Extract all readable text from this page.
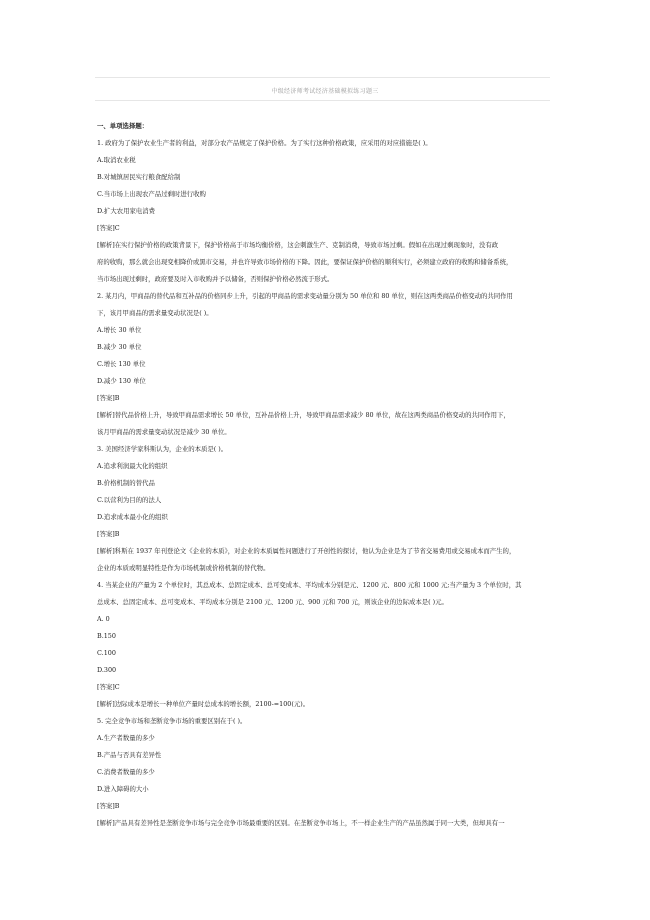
中级经济师考试经济基础模拟练习题三

一、单项选择题：

1. 政府为了保护农业生产者的利益，对部分农产品规定了保护价格。为了实行这种价格政策，应采用的对应措施是( )。

A.取消农业税

B.对城镇居民实行粮食配给制

C.当市场上出现农产品过剩时进行收购

D.扩大农用家电消费

[答案]C

[解析]在实行保护价格的政策背景下，保护价格高于市场均衡价格，这会刺激生产、克制消费，导致市场过剩。假如在出现过剩现象时，没有政

府的收购，那么就会出现变相降价或黑市交易，并也许导致市场价格的下降。因此，要保证保护价格的顺利实行，必须建立政府的收购和储备系统，

当市场出现过剩时，政府要及时入市收购并予以储备，否则保护价格必然流于形式。

2. 某月内，甲商品的替代品和互补品的价格同步上升，引起的甲商品的需求变动量分别为 50 单位和 80 单位，则在这两类商品价格变动的共同作用

下，该月甲商品的需求量变动状况是( )。

A.增长 30 单位

B.减少 30 单位

C.增长 130 单位

D.减少 130 单位

[答案]B

[解析]替代品价格上升，导致甲商品需求增长 50 单位，互补品价格上升，导致甲商品需求减少 80 单位，故在这两类商品价格变动的共同作用下，

该月甲商品的需求量变动状况是减少 30 单位。

3. 美国经济学家科斯认为，企业的本质是( )。

A.追求利润最大化的组织

B.价格机制的替代品

C.以营利为目的的法人

D.追求成本最小化的组织

[答案]B

[解析]科斯在 1937 年刊登论文《企业的本质》，对企业的本质属性问题进行了开创性的探讨，他认为企业是为了节省交易费用或交易成本而产生的，

企业的本质或明显特性是作为市场机制或价格机制的替代物。

4. 当某企业的产量为 2 个单位时，其总成本、总固定成本、总可变成本、平均成本分别是元、1200 元、800 元和 1000 元;当产量为 3 个单位时，其

总成本、总固定成本、总可变成本、平均成本分别是 2100 元、1200 元、900 元和 700 元，则该企业的边际成本是( )元。

A. 0

B.150

C.100

D.300

[答案]C

[解析]边际成本是增长一种单位产量时总成本的增长额，2100-=100(元)。

5. 完全竞争市场和垄断竞争市场的重要区别在于( )。

A.生产者数量的多少

B.产品与否具有差异性

C.消费者数量的多少

D.进入障碍的大小

[答案]B

[解析]产品具有差异性是垄断竞争市场与完全竞争市场最重要的区别。在垄断竞争市场上，不一样企业生产的产品虽然属于同一大类，但却具有一
